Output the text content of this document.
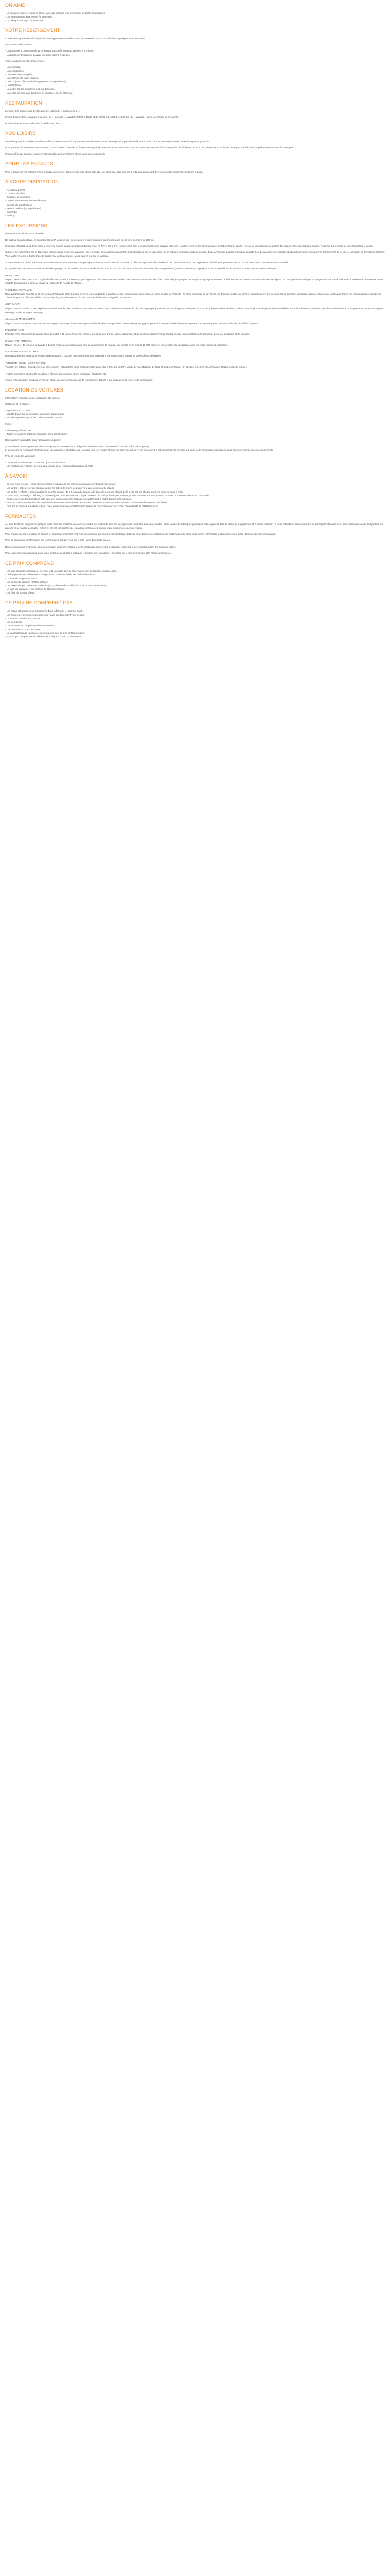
ON AIME
- La situation calme et isolée de l'hôtel, ancrage idyllique vue à proximité de toutes commodités
- Les appartements spacieux et fonctionnels
- La belle piscine lagon face à la mer
VOTRE HÉBERGEMENT

L'hôtel Bluebay Beach Club dispose de 158 appartements situés sur un terrain étendu pour vous offrir de magnifiques vues sur la mer.

Vous aurez le choix entre :

- L'appartement 1 chambre de 42 m² pouvant accueillir jusqu'à 2 adultes + 2 enfants.
- L'appartement supérieur pouvant accueillir jusqu'à 3 adultes.

Tous les appartements comprennent :

- Une terrasse,
- L'air conditionné,
- Un salon avec canapé-lit,
- Une kitchenette toute équipée,
- Une TV (avec offre de chaînes payantes en supplément)
- Un téléphone,
- Un coffre-fort (en supplément et sur demande),
- Une salle de bain avec baignoire ou douche et sèche-cheveux.
RESTAURATION

Lors de votre séjour, vous bénéficierez de la formule « logement seul ».

L'hôtel dispose d'un restaurant à la carte, le « Hacienda » ouvert de 08h00 à 11h00 et de 18h30 à 21h30. Le snack-bar du « Veranda » reste accessible de 11h à 22h.

Horaires donnés à titre indicatif et à vérifier sur place.

VOS LOISIRS

Le Bluebay Beach Club dispose d'une belle piscine en forme de lagune avec un bain à remous et une séparation pour les enfants entourée d'une terrasse équipée de chaises longues et parasols.

Pour garder la forme même en vacances, vous trouverez une salle de fitness toute équipée avec un sauna et un bain à remous. Vous pourrez participer à une partie de fléchettes, de tir à l'arc, de tennis de table, de pétanque, et billard (en supplément) ou encore de water-polo.

Plusieurs fois par semaine vous seront proposées des animations et spectacles professionnels.

POUR LES ENFANTS

Pour le plaisir de vos enfants, l'hôtel propose une piscine séparée, une aire et une salle de jeux et un mini-club pour les 3 à 12 ans, proposant diverses activités supervisées par une équipe.

À VOTRE DISPOSITION
- Réception 24h/24
- Location de vélos
- Boutique de souvenirs
- Laverie automatique (en supplément)
- Service de blanchisserie
- Service médical (en supplément)
- Supérette
- Parking
LES EXCURSIONS

Découvrir Las Palmas et sa diversité

De part sa situation idéale, le Concorde Hôtel 4*, vous permet de découvrir et vivre plusieurs expériences à la fois et cela en moins de 30min...

Shopping : Rendez-vous d'une visite à nouveau avance auprès de l'Océan Européenne, le TVR y est à 7%. Nombreuses sont les opportunités que peuvent présenter les différentes zones commerciales. Direction Triana, quartier piéton où vous pourrez dégustez des tapas et faire du shopping ! ambler nous sur Carlos Inglés et direction Mesa y Lopez...

Culture : Se cultiver tout en se dépensant d'un mélange entre son aventurier sur le monde, ses coutumes autochtones et aborigènes. Ce sera l'endroit où se est ainsi de l'accueil vraiment égalé. Face à Triana le quartier historique Vegueta, lieu de naissance de projet produisant l'Amérique, vous pourrez parfaitement de la ville et la maison de Christophe Colomb. Vous visiterez aussi la Cathédrale de Santa Ana, la Casa Colon et vous saurez tout sur le vin local.

Si vous aimez la Culture, les visites de musées sont incontournables pour partager sur les coutumes des îles Canaries. L'offre est large avec des musées à ciel ouvert mais aussi des expositions thématiques, gratuites avec un ticket, entre autre : les restaurants branchés.

Un grand choix pour vos moments inoubliables puisque la plupart des bars sont, la ville le soir, sont en bord de mer, autour des Plazas et dans les rues piétonnes (Avenida de Mesa y Lopez). Nous vous conseillons de visiter le 'Casino' de Las Palmas à l'ouest.

GRAN TOUR

Départ : lever à 9h30 env. tour complet de l'île avec arrêts nombreux au parking central de Gran Canaria et au choix de vues fascinantes sur les côtes, petits villages typiques, les canyons et jusqu'au sommet de l'île avec le site naturel Roque Nublo, ensuite Tejeda, l'un des plus beaux villages d'Espagne, et San Bartolomé. Prévoir de bonnes chaussures et vos maillots de bain pour le fameux village de pêcheurs de Puerto de Mogán...

VISITE DE LAS PALMAS

Découvrez tous les aspects de la ville de Las Palmas de Gran Canaria avec ce tour complet de la capitale de l'île. Vous commencerez par une visite guidée de Vegueta - le cœur historique de la ville de Las Palmas, fondée en 1478, et dans laquelle vous découvrirez sa superbe cathédrale, la place Santa Ana, la Casa de Colon etc. Vous passerez ensuite par Triana, longue rue piétonne idéale pour le shopping, et enfin vous irez à Las Canteras, la fameuse plage de Las Palmas.

JEEP SAFARI

Départ : Inclus - Profitez d'une expérience unique avec le Jeep Safari à Gran Canaria ! Vous pourrez découvrir le centre de l'île, ses paysages grandioses et ses villages authentiques en 4x4. Un guide expérimenté vous conduira vers les plus beaux points de vue de l'île et vous fera découvrir des lieux hors des sentiers battus. Vous passerez par les montagnes de Roque Nublo et Roque Bentayga...

AQUALAND MASPALOMAS

Départ : Inclus - Aqualand Maspalomas est un parc aquatique d'attractions pour toute la famille ! Vous profiterez de nombreux toboggans, piscines à vagues, rivières lentes et espaces pour les plus petits. Horaires indicatifs, à vérifier sur place.

PALMITOS PARK

Palmitos Park est un parc botanique et un zoo situé à 10 km de Playa del Inglés, il accueille une grande variété d'animaux et de plantes exotiques. Vous pourrez assister aux spectacles de dauphins, d'oiseaux exotiques et de rapaces.

CAMEL PARK ARTEARA

Départ : Inclus - 45 minutes de balade à dos de chameau en passant par l'une des palmeraies de Fataga, qui compte avec plus de 10 000 palmiers. Une expérience inoubliable dans un cadre naturel spectaculaire.

AQUARIUM POEMA DEL MAR

Découvrez l'un des aquariums les plus spectaculaires d'Europe, avec une immersion totale dans les fonds marins et plus de 350 espèces différentes.

TENERIFE / TEIDE + LORO PARQUE

Transfert en bateau - Bus et entrée au parc compris - Départ très tôt le matin de l'hôtel pour aller à Tenerife en ferry. Visite du Parc National du Teide et du Loro Parque, l'un des plus célèbres zoos d'Europe. Retour en fin de journée.

- Autres excursions et activités possibles : plongée sous-marine, sports nautiques, équitation etc.

Toutes ces excursions sont à réserver sur place, liste non exhaustive, tarifs et descriptifs donnés à titre indicatif sous réserve de modification.

LOCATION DE VOITURES

Informations indicatives sur les locations de voitures.

Catégorie B - 5 places :

- Age minimum : 21 ans
- Validité du permis de conduire : au moins depuis 2 ans
- Prix de supplément pour les conducteurs de - 25 ans.

Inclus :

- Kilométrage illimité : oui
- Toutes les voitures catégorie disposent de la climatisation.

Deux options disponibles pour l'assurance obligatoire :

a) Les clients devront payer sur place 15€/jour pour une assurance obligatoire (tiré réservation uniquement à retirer le véhicule sur place).
b) Les clients devront payer 29€/jour pour une assurance obligatoire qui couvrent tous les risques et tous les frais engendrés en cas d'accident. Il est impossible de prendre sur place cette assurance tous risques sans franchise (même avec un supplément).

Prise et rendu des véhicules :

- Les locations de voitures se font de 7 jours au minimum.
- Les locations de voitures se font à la réception et au restaurant touristique et l'hôtel.
À SAVOIR
- Si vous partez seul(e), votre prix en chambre individuelle est calculé automatiquement dans votre devis.
- Les lardis » bébés » seront appliqués pour les bébés de moins de 2 ans (à la date de retour du séjour)
- Les lardis » enfants » seront appliqués pour les enfants de 2 à moins de 12 ans (à la date de retour du séjour). Le lit bébé est à la charge du client, avec ou sans lit bébé.
Si votre (vos) enfant(s) ou bébé(s) ne rentre(nt) pas dans les tranches d'âges ci-dessus, le tarif appliqué peut varier et pourra vous être communiqué au moment du traitement de votre commande.
- Sous réserve de disponibilité, le petit-déjeuner pourra vous être proposé en supplément, à régler directement sur place.
- En toute saison, en fonction des conditions climatiques ou impératifs de sécurité, certaines activités ou infrastructures peuvent être fermées ou modifiées.
- Pour les personnes à mobilité réduite, nous vous invitons à contacter notre service de réservation afin de vérifier l'adaptabilité de l'établissement.
FORMALITÉS

Au sein de l'Union européenne (UE), la carte nationale d'identité en cours de validité est suffisante pour les voyageurs de nationalité française (validité après la date de retour). Le passeport valide après la date de retour peut également être utilisé. Attention : il vous est fortement recommandé de privilégier l'utilisation d'un passeport valide à une CNI portant une date de fin de validité dépassée, même si elle est considérée par les autorités françaises comme étant toujours en cours de validité.

Pour chaque membre résident en France et souhaitant s'intégrer vers l'UE accompagné par son représentant légal, doit être muni d'une pièce d'identité, de l'autorisation de sortie du territoire (AST) et de la photocopie de la pièce d'identité du parent signataire.

Pour de plus amples informations sur les formalités, rendez-vous sur le site : www.diplomatie.gouv.fr

Nous vous invitons à consulter la réglementation douanière relative à votre destination concernant les liquides, aérosols et gels autorisés dans les bagages cabine.

Pour toutes recommandations, nous vous invitons à consulter la rubrique « Conseils aux voyageurs » présente sur le site du ministère des Affaires étrangères.

CE PRIX COMPREND
- Les vols réguliers, spéciaux ou low-cost A/R (Attention pris de réservation sur vols réguliers ou low-cost),
- L'hébergement sur la base de la catégorie de chambre choisie lors de la réservation,
- La formule « logement seul »,
- Les transferts aéroport / hôtel / aéroport
- Les taxes aéroport et hausse carburant (sous réserve de modification lors de votre réservation),
- La taxe de solidarité et de carbone de 3€ par personne,
- Les frais de dossier offerts.
CE PRIX NE COMPREND PAS
- Les repas et boissons non mentionnés dans la formule « logement seul »,
- Les services et excursions proposés sur place qui dépendent votre séjour,
- La location de voiture en option,
- Les pourboires,
- Les assurances complémentaires facultatives,
- Les dépenses d'ordre personnel,
- Le transfert bagage (qui n'a été conté pas sur sein de nos tarifs) par plans,
- Tout ce qui n'est pas mentionné dans la rubrique CE PRIX COMPREND.
